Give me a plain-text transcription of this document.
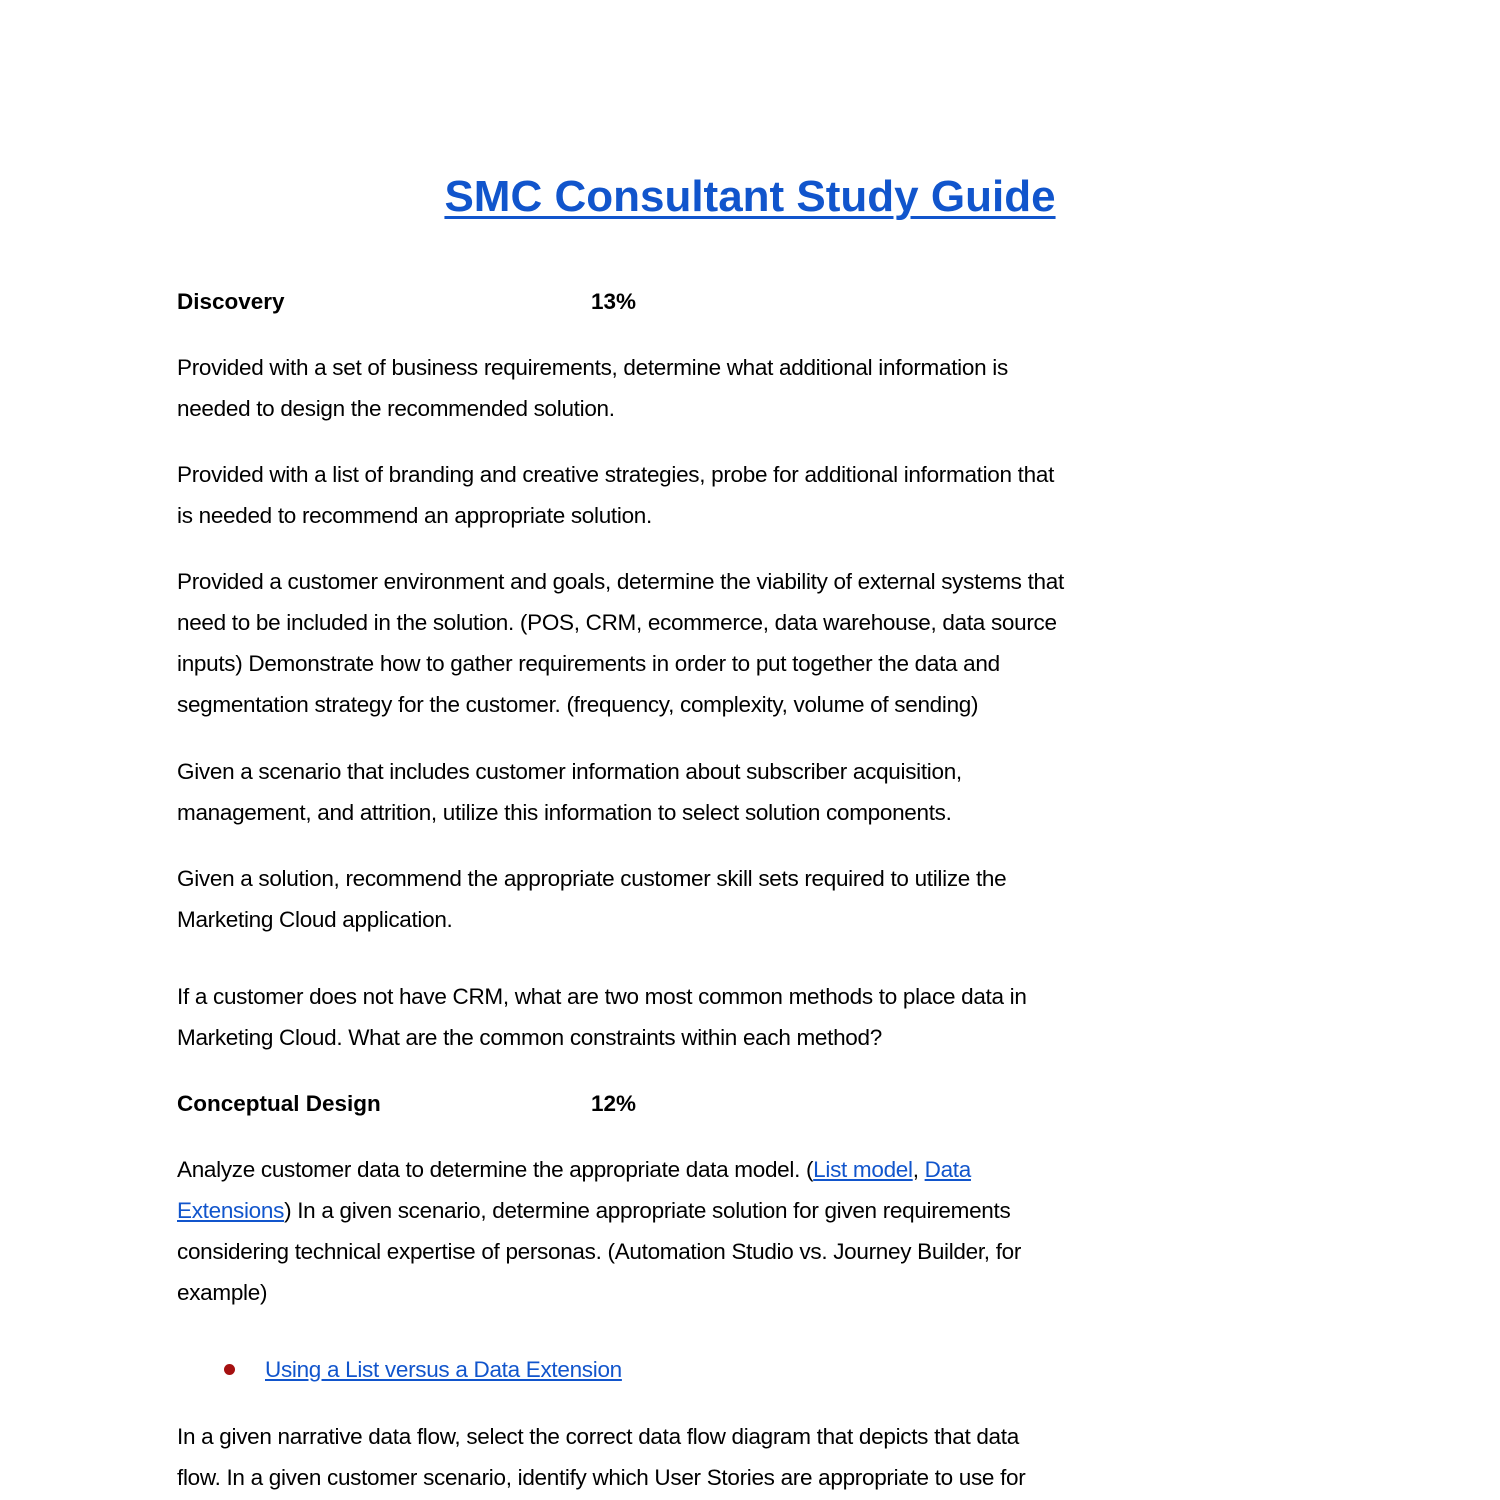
SMC Consultant Study Guide
Discovery	13%
Provided with a set of business requirements, determine what additional information is
needed to design the recommended solution.
Provided with a list of branding and creative strategies, probe for additional information that
is needed to recommend an appropriate solution.
Provided a customer environment and goals, determine the viability of external systems that
need to be included in the solution. (POS, CRM, ecommerce, data warehouse, data source
inputs) Demonstrate how to gather requirements in order to put together the data and
segmentation strategy for the customer. (frequency, complexity, volume of sending)
Given a scenario that includes customer information about subscriber acquisition,
management, and attrition, utilize this information to select solution components.
Given a solution, recommend the appropriate customer skill sets required to utilize the
Marketing Cloud application.
If a customer does not have CRM, what are two most common methods to place data in
Marketing Cloud. What are the common constraints within each method?
Conceptual Design	12%
Analyze customer data to determine the appropriate data model. (List model, Data
Extensions) In a given scenario, determine appropriate solution for given requirements
considering technical expertise of personas. (Automation Studio vs. Journey Builder, for
example)
Using a List versus a Data Extension
In a given narrative data flow, select the correct data flow diagram that depicts that data
flow. In a given customer scenario, identify which User Stories are appropriate to use for
